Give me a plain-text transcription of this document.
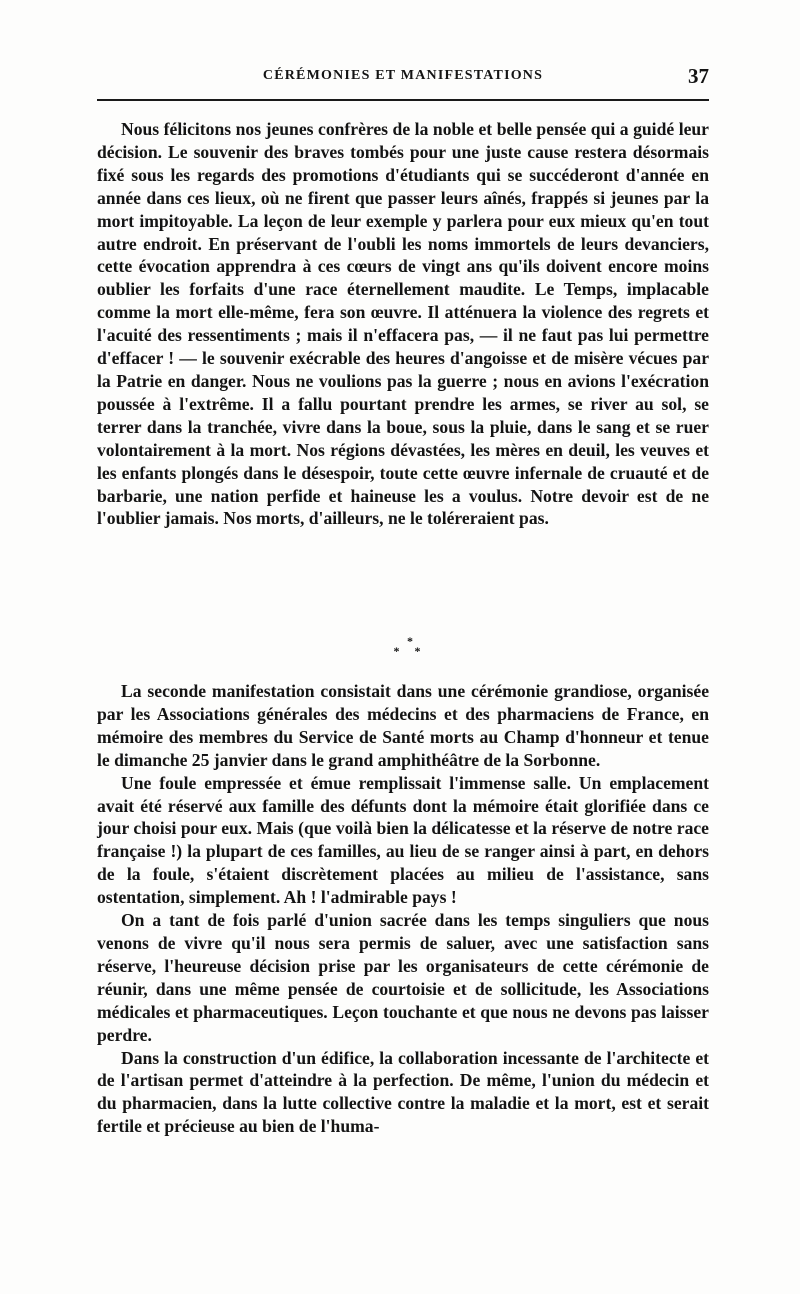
CÉRÉMONIES ET MANIFESTATIONS	37

Nous félicitons nos jeunes confrères de la noble et belle pensée qui a guidé leur décision. Le souvenir des braves tombés pour une juste cause restera désormais fixé sous les regards des promotions d'étudiants qui se succéderont d'année en année dans ces lieux, où ne firent que passer leurs aînés, frappés si jeunes par la mort impitoyable. La leçon de leur exemple y parlera pour eux mieux qu'en tout autre endroit. En préservant de l'oubli les noms immortels de leurs devanciers, cette évocation apprendra à ces cœurs de vingt ans qu'ils doivent encore moins oublier les forfaits d'une race éternellement maudite. Le Temps, implacable comme la mort elle-même, fera son œuvre. Il atténuera la violence des regrets et l'acuité des ressentiments ; mais il n'effacera pas, — il ne faut pas lui permettre d'effacer ! — le souvenir exécrable des heures d'angoisse et de misère vécues par la Patrie en danger. Nous ne voulions pas la guerre ; nous en avions l'exécration poussée à l'extrême. Il a fallu pourtant prendre les armes, se river au sol, se terrer dans la tranchée, vivre dans la boue, sous la pluie, dans le sang et se ruer volontairement à la mort. Nos régions dévastées, les mères en deuil, les veuves et les enfants plongés dans le désespoir, toute cette œuvre infernale de cruauté et de barbarie, une nation perfide et haineuse les a voulus. Notre devoir est de ne l'oublier jamais. Nos morts, d'ailleurs, ne le toléreraient pas.

*
* *

La seconde manifestation consistait dans une cérémonie grandiose, organisée par les Associations générales des médecins et des pharmaciens de France, en mémoire des membres du Service de Santé morts au Champ d'honneur et tenue le dimanche 25 janvier dans le grand amphithéâtre de la Sorbonne.

Une foule empressée et émue remplissait l'immense salle. Un emplacement avait été réservé aux famille des défunts dont la mémoire était glorifiée dans ce jour choisi pour eux. Mais (que voilà bien la délicatesse et la réserve de notre race française !) la plupart de ces familles, au lieu de se ranger ainsi à part, en dehors de la foule, s'étaient discrètement placées au milieu de l'assistance, sans ostentation, simplement. Ah ! l'admirable pays !

On a tant de fois parlé d'union sacrée dans les temps singuliers que nous venons de vivre qu'il nous sera permis de saluer, avec une satisfaction sans réserve, l'heureuse décision prise par les organisateurs de cette cérémonie de réunir, dans une même pensée de courtoisie et de sollicitude, les Associations médicales et pharmaceutiques. Leçon touchante et que nous ne devons pas laisser perdre.

Dans la construction d'un édifice, la collaboration incessante de l'architecte et de l'artisan permet d'atteindre à la perfection. De même, l'union du médecin et du pharmacien, dans la lutte collective contre la maladie et la mort, est et serait fertile et précieuse au bien de l'huma-
